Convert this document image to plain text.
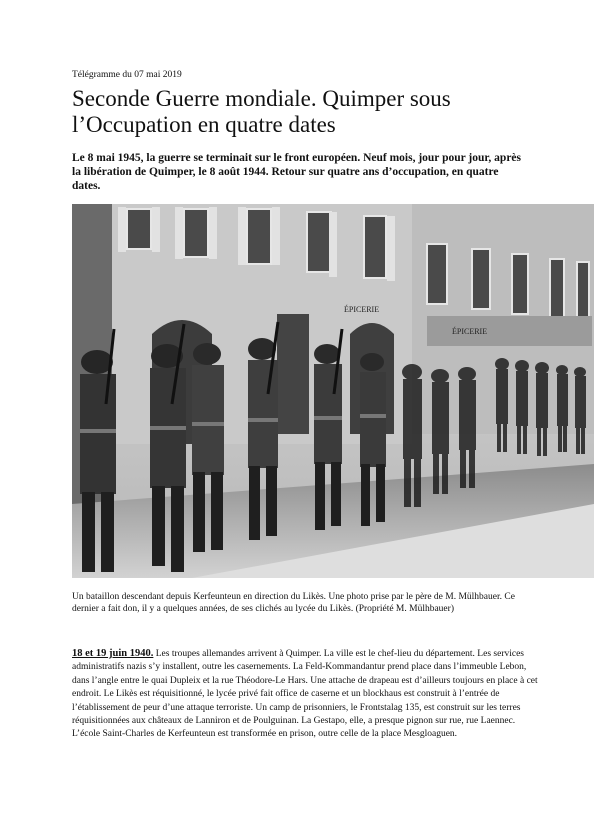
Télégramme du 07 mai 2019
Seconde Guerre mondiale. Quimper sous l’Occupation en quatre dates

Le 8 mai 1945, la guerre se terminait sur le front européen. Neuf mois, jour pour jour, après la libération de Quimper, le 8 août 1944. Retour sur quatre ans d’occupation, en quatre dates.

ÉPICERIE
ÉPICERIE

Un bataillon descendant depuis Kerfeunteun en direction du Likès. Une photo prise par le père de M. Mülhbauer. Ce dernier a fait don, il y a quelques années, de ses clichés au lycée du Likès. (Propriété M. Mülhbauer)

18 et 19 juin 1940. Les troupes allemandes arrivent à Quimper. La ville est le chef-lieu du département. Les services administratifs nazis s’y installent, outre les casernements. La Feld-Kommandantur prend place dans l’immeuble Lebon, dans l’angle entre le quai Dupleix et la rue Théodore-Le Hars. Une attache de drapeau est d’ailleurs toujours en place à cet endroit. Le Likès est réquisitionné, le lycée privé fait office de caserne et un blockhaus est construit à l’entrée de l’établissement de peur d’une attaque terroriste. Un camp de prisonniers, le Frontstalag 135, est construit sur les terres réquisitionnées aux châteaux de Lanniron et de Poulguinan. La Gestapo, elle, a presque pignon sur rue, rue Laennec. L’école Saint-Charles de Kerfeunteun est transformée en prison, outre celle de la place Mesgloaguen.
